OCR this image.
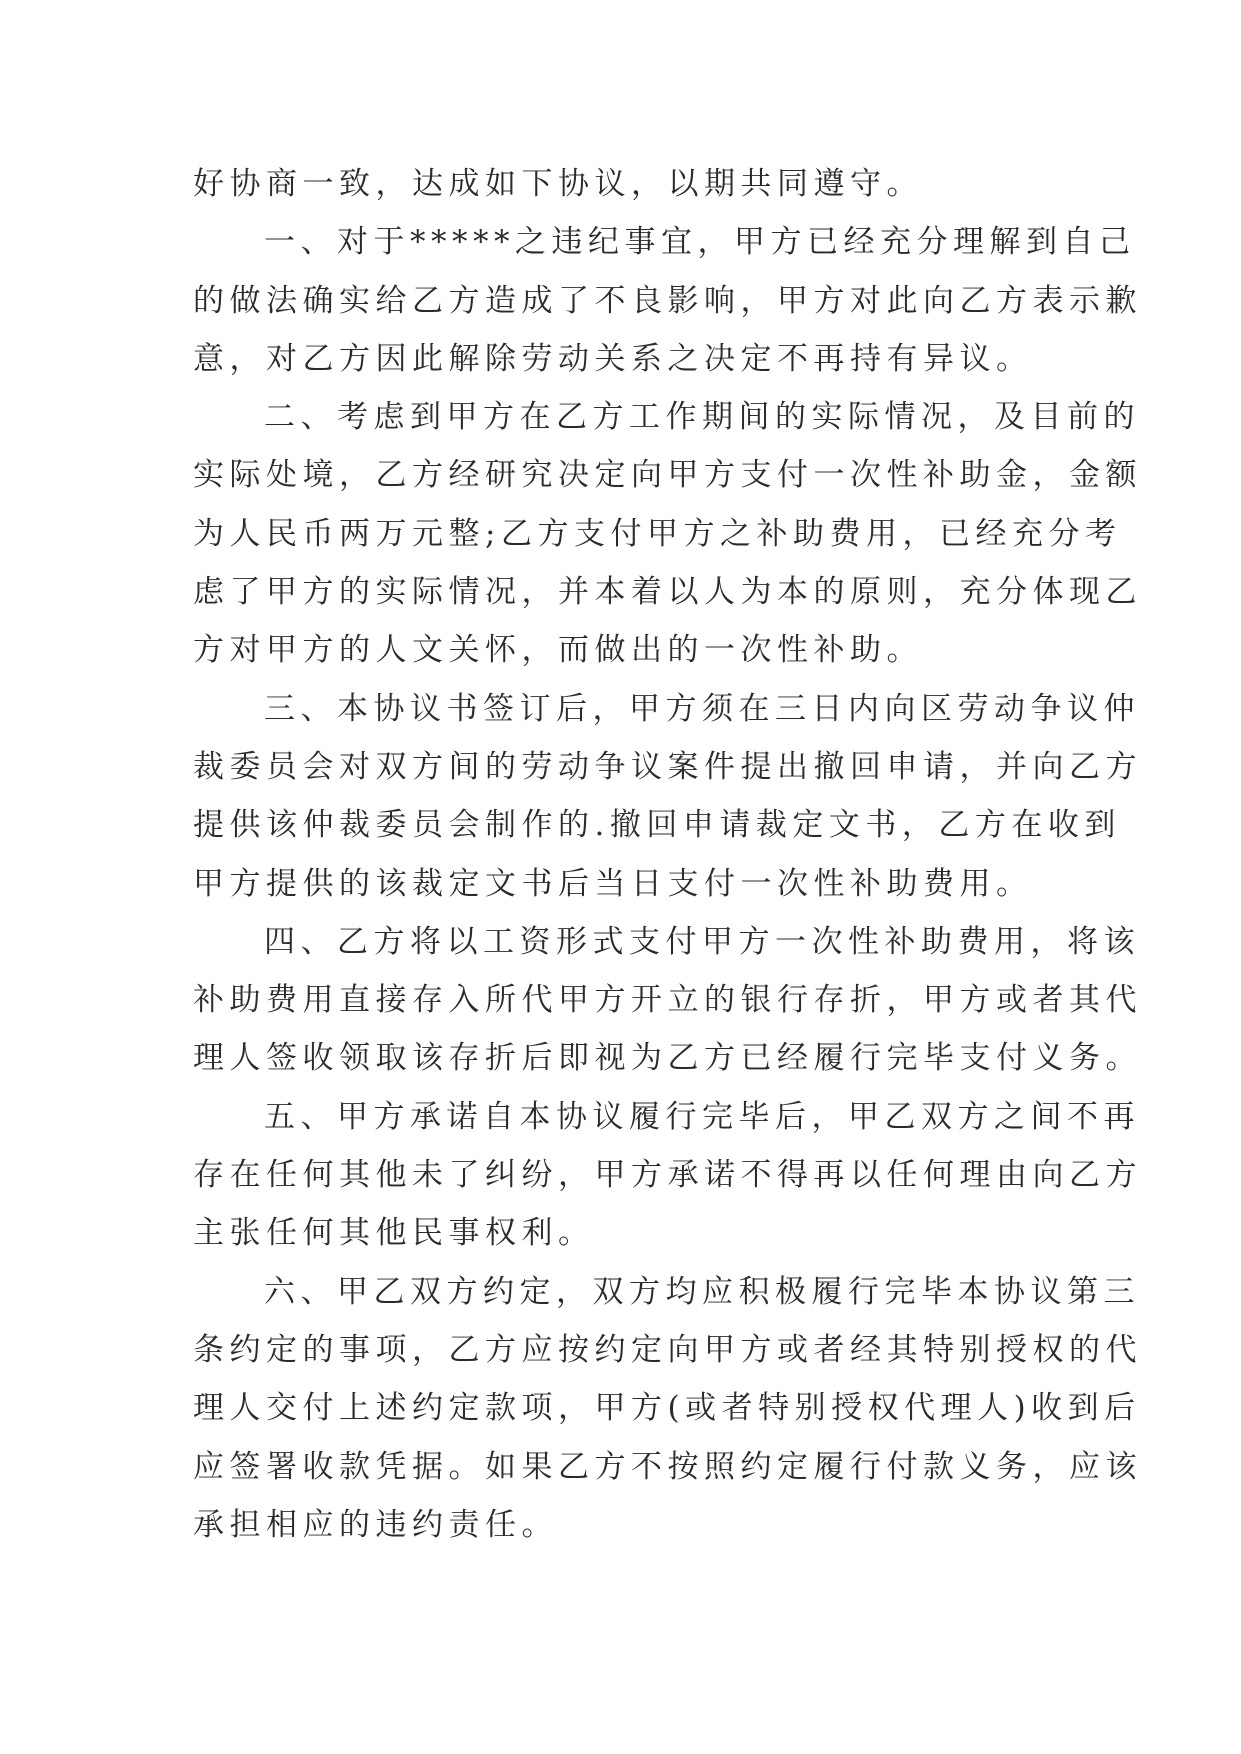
好协商一致，达成如下协议，以期共同遵守。
一、对于*****之违纪事宜，甲方已经充分理解到自己
的做法确实给乙方造成了不良影响，甲方对此向乙方表示歉
意，对乙方因此解除劳动关系之决定不再持有异议。
二、考虑到甲方在乙方工作期间的实际情况，及目前的
实际处境，乙方经研究决定向甲方支付一次性补助金，金额
为人民币两万元整;乙方支付甲方之补助费用，已经充分考
虑了甲方的实际情况，并本着以人为本的原则，充分体现乙
方对甲方的人文关怀，而做出的一次性补助。
三、本协议书签订后，甲方须在三日内向区劳动争议仲
裁委员会对双方间的劳动争议案件提出撤回申请，并向乙方
提供该仲裁委员会制作的.撤回申请裁定文书，乙方在收到
甲方提供的该裁定文书后当日支付一次性补助费用。
四、乙方将以工资形式支付甲方一次性补助费用，将该
补助费用直接存入所代甲方开立的银行存折，甲方或者其代
理人签收领取该存折后即视为乙方已经履行完毕支付义务。
五、甲方承诺自本协议履行完毕后，甲乙双方之间不再
存在任何其他未了纠纷，甲方承诺不得再以任何理由向乙方
主张任何其他民事权利。
六、甲乙双方约定，双方均应积极履行完毕本协议第三
条约定的事项，乙方应按约定向甲方或者经其特别授权的代
理人交付上述约定款项，甲方(或者特别授权代理人)收到后
应签署收款凭据。如果乙方不按照约定履行付款义务，应该
承担相应的违约责任。
